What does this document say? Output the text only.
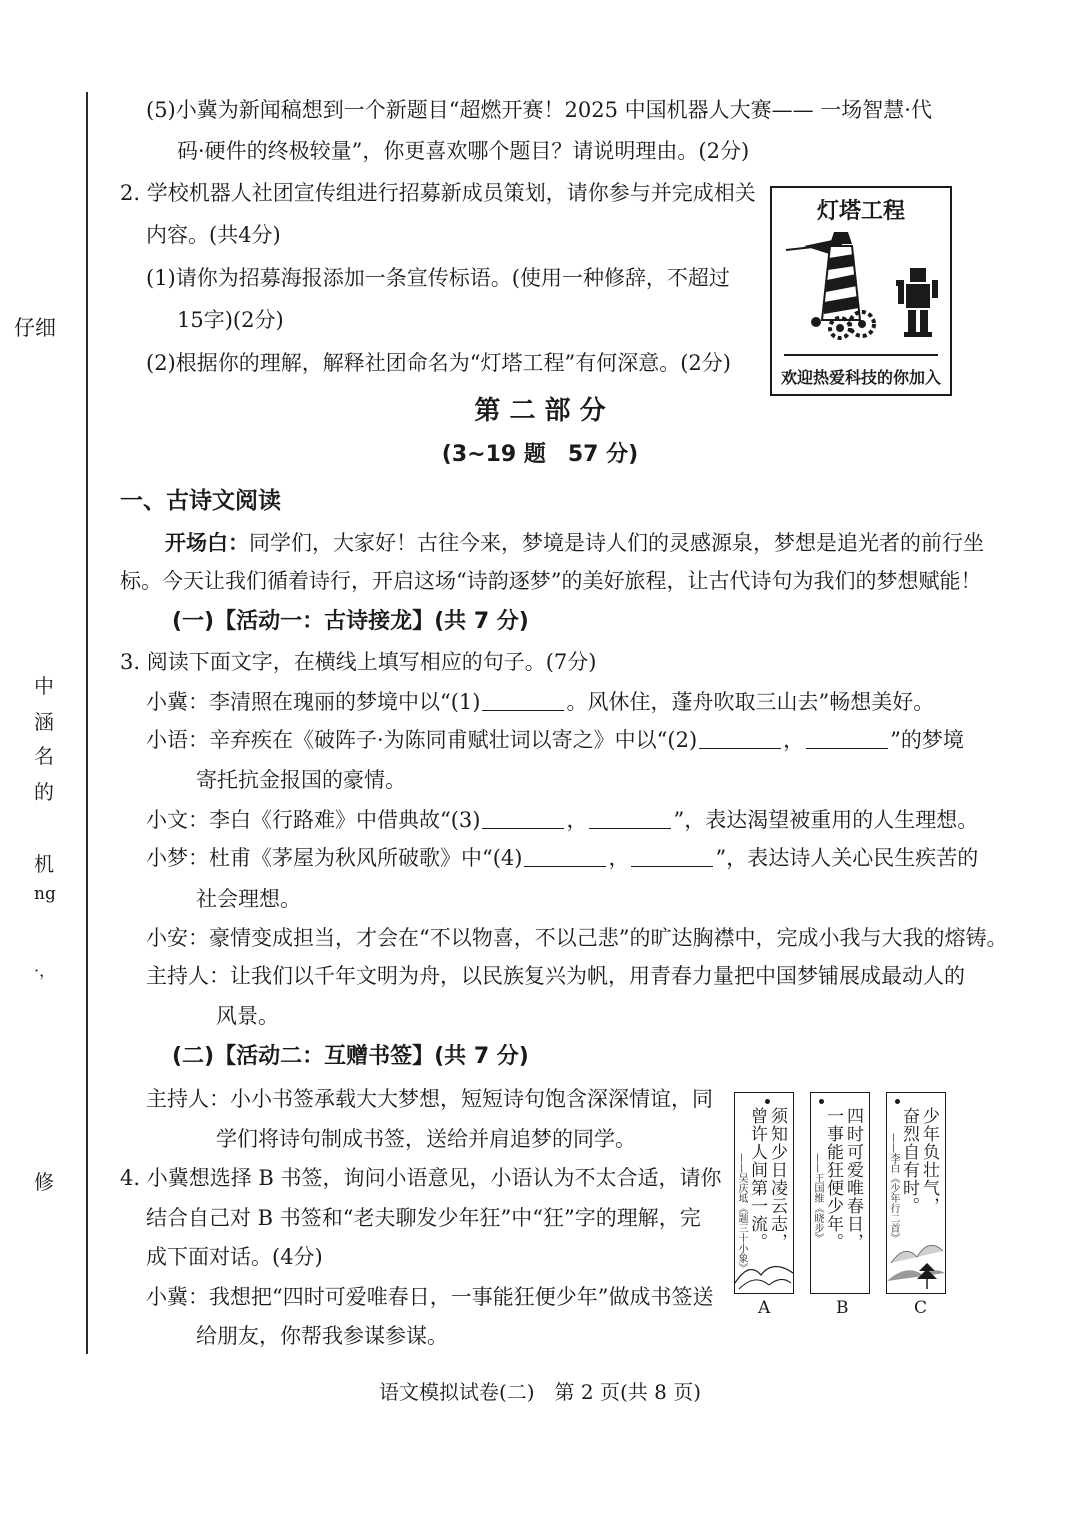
仔细
中
涵
名
的
机
ng
·，
修
(5)小冀为新闻稿想到一个新题目“超燃开赛！2025 中国机器人大赛—— 一场智慧·代
码·硬件的终极较量”，你更喜欢哪个题目？请说明理由。(2分)
2. 学校机器人社团宣传组进行招募新成员策划，请你参与并完成相关
内容。(共4分)
(1)请你为招募海报添加一条宣传标语。(使用一种修辞，不超过
15字)(2分)
(2)根据你的理解，解释社团命名为“灯塔工程”有何深意。(2分)
灯塔工程
欢迎热爱科技的你加入
第 二 部 分
(3~19 题　57 分)
一、古诗文阅读
开场白：同学们，大家好！古往今来，梦境是诗人们的灵感源泉，梦想是追光者的前行坐
标。今天让我们循着诗行，开启这场“诗韵逐梦”的美好旅程，让古代诗句为我们的梦想赋能！
(一)【活动一：古诗接龙】(共 7 分)
3. 阅读下面文字，在横线上填写相应的句子。(7分)
小冀：李清照在瑰丽的梦境中以“(1)	。风休住，蓬舟吹取三山去”畅想美好。
小语：辛弃疾在《破阵子·为陈同甫赋壮词以寄之》中以“(2)	，	”的梦境
寄托抗金报国的豪情。
小文：李白《行路难》中借典故“(3)	，	”，表达渴望被重用的人生理想。
小梦：杜甫《茅屋为秋风所破歌》中“(4)	，	”，表达诗人关心民生疾苦的
社会理想。
小安：豪情变成担当，才会在“不以物喜，不以己悲”的旷达胸襟中，完成小我与大我的熔铸。
主持人：让我们以千年文明为舟，以民族复兴为帆，用青春力量把中国梦铺展成最动人的
风景。
(二)【活动二：互赠书签】(共 7 分)
主持人：小小书签承载大大梦想，短短诗句饱含深深情谊，同
学们将诗句制成书签，送给并肩追梦的同学。
4. 小冀想选择 B 书签，询问小语意见，小语认为不太合适，请你
结合自己对 B 书签和“老夫聊发少年狂”中“狂”字的理解，完
成下面对话。(4分)
小冀：我想把“四时可爱唯春日，一事能狂便少年”做成书签送
给朋友，你帮我参谋参谋。
须知少日凌云志，
曾许人间第一流。
——吴庆坻《题三十小象》
A
四时可爱唯春日，
一事能狂便少年。
——王国维《晓步》
B
少年负壮气，
奋烈自有时。
——李白《少年行二首》
C
语文模拟试卷(二)　第 2 页(共 8 页)
